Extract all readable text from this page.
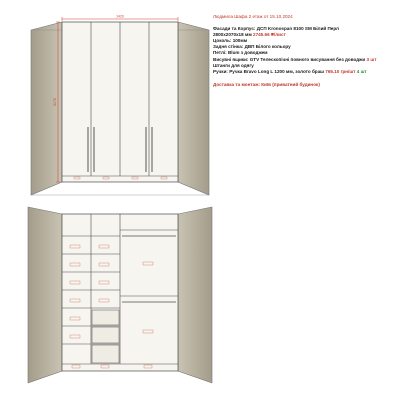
1420
2170
Людмила Шафа 2 етаж от 15.10.2024
Фасади та Корпус: ДСП Kronospan 8100 SM Білий Перл
2800х2070х18 мм 2745.66 ₴/лист
Цоколь: 100мм
Задня стінка: ДВП Білого кольору
Петлі: Blum з доводжем
Висувні ящики: GTV Телескопічні повного висування без доводжи 3 шт
Штанги для одягу
Ручки: Ручка Bravo Long L 1200 мм, золото браш 765.10 грн/шт 4 шт
Доставка та монтаж: Київ (приватний будинок)
